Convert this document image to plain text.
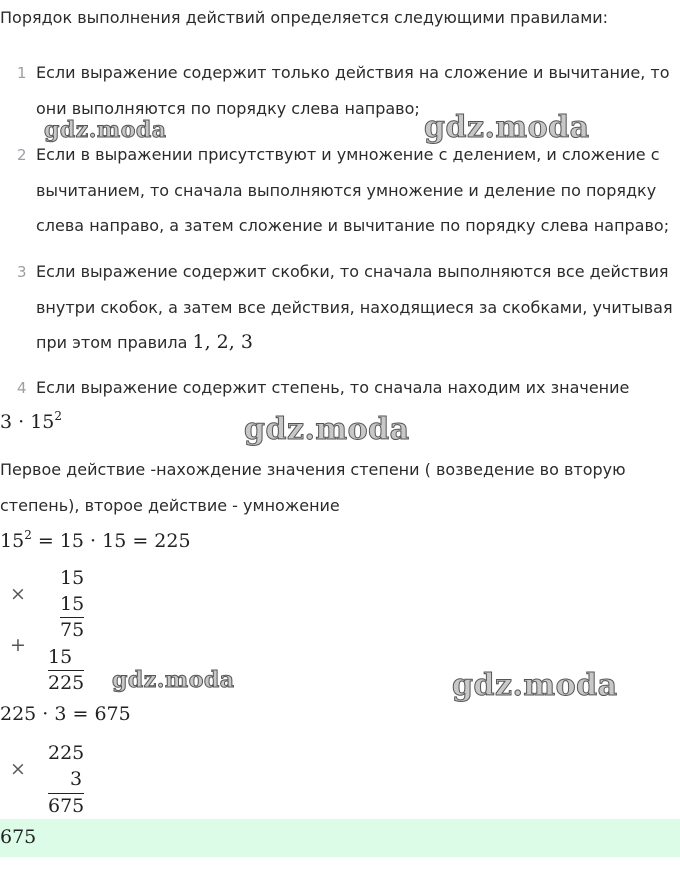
Порядок выполнения действий определяется следующими правилами:
1 Если выражение содержит только действия на сложение и вычитание, то
они выполняются по порядку слева направо;
2 Если в выражении присутствуют и умножение с делением, и сложение с
вычитанием, то сначала выполняются умножение и деление по порядку
слева направо, а затем сложение и вычитание по порядку слева направо;
3 Если выражение содержит скобки, то сначала выполняются все действия
внутри скобок, а затем все действия, находящиеся за скобками, учитывая
при этом правила 1, 2, 3
4 Если выражение содержит степень, то сначала находим их значение
$3 \cdot 15^2$
Первое действие -нахождение значения степени ( возведение во вторую
степень), второе действие - умножение
$15^2 = 15 \cdot 15 = 225$
×
15
15
75
+
15
225
225 · 3 = 675
×
225
3
675
675
gdz.moda	gdz.moda
gdz.moda
gdz.moda	gdz.moda
